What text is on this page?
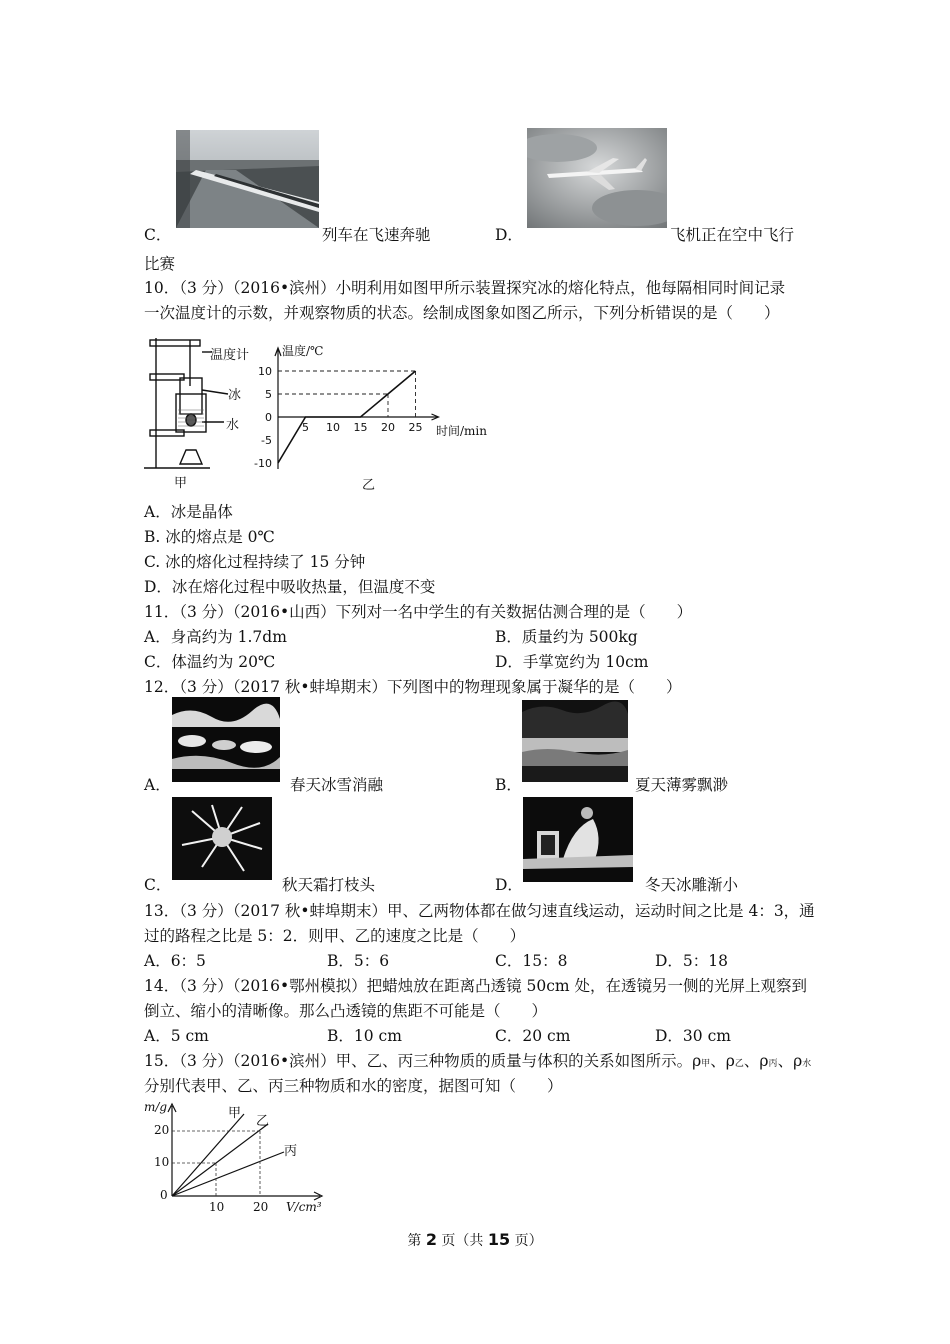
C．	列车在飞速奔驰	D．	飞机正在空中飞行
比赛
10．（3 分）（2016•滨州）小明利用如图甲所示装置探究冰的熔化特点，他每隔相同时间记录
一次温度计的示数，并观察物质的状态。绘制成图象如图乙所示，下列分析错误的是（　　）
温度计
冰
水
甲
10
5
0
-5
-10
5 10 15 20 25
温度/℃
时间/min
乙
A．冰是晶体
B. 冰的熔点是 0℃
C. 冰的熔化过程持续了 15 分钟
D．冰在熔化过程中吸收热量，但温度不变
11．（3 分）（2016•山西）下列对一名中学生的有关数据估测合理的是（　　）
A．身高约为 1.7dm	B．质量约为 500kg
C．体温约为 20℃	D．手掌宽约为 10cm
12．（3 分）（2017 秋•蚌埠期末）下列图中的物理现象属于凝华的是（　　）
A．	春天冰雪消融	B．	夏天薄雾飘渺
C．	秋天霜打枝头	D．	冬天冰雕渐小
13．（3 分）（2017 秋•蚌埠期末）甲、乙两物体都在做匀速直线运动，运动时间之比是 4：3，通
过的路程之比是 5：2．则甲、乙的速度之比是（　　）
A．6：5	B．5：6	C．15：8	D．5：18
14．（3 分）（2016•鄂州模拟）把蜡烛放在距离凸透镜 50cm 处，在透镜另一侧的光屏上观察到
倒立、缩小的清晰像。那么凸透镜的焦距不可能是（　　）
A．5 cm	B．10 cm	C．20 cm	D．30 cm
15．（3 分）（2016•滨州）甲、乙、丙三种物质的质量与体积的关系如图所示。ρ甲、ρ乙、ρ丙、ρ水
分别代表甲、乙、丙三种物质和水的密度，据图可知（　　）
m/g
V/cm³
20
10
0
10 20
甲
乙
丙
第 2 页（共 15 页）
